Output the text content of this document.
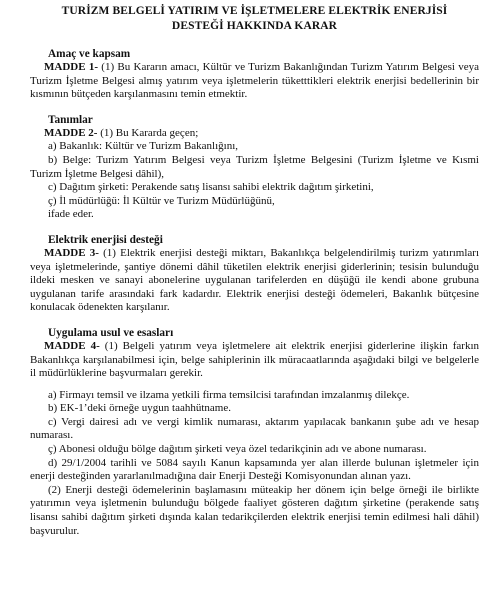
TURİZM BELGELİ YATIRIM VE İŞLETMELERE ELEKTRİK ENERJİSİ
DESTEĞİ HAKKINDA KARAR
Amaç ve kapsam

MADDE 1- (1) Bu Kararın amacı, Kültür ve Turizm Bakanlığından Turizm Yatırım Belgesi veya Turizm İşletme Belgesi almış yatırım veya işletmelerin tüketttikleri elektrik enerjisi bedellerinin bir kısmının bütçeden karşılanmasını temin etmektir.

Tanımlar

MADDE 2- (1) Bu Kararda geçen;

a) Bakanlık: Kültür ve Turizm Bakanlığını,
b) Belge: Turizm Yatırım Belgesi veya Turizm İşletme Belgesini (Turizm İşletme ve Kısmi Turizm İşletme Belgesi dâhil),
c) Dağıtım şirketi: Perakende satış lisansı sahibi elektrik dağıtım şirketini,
ç) İl müdürlüğü: İl Kültür ve Turizm Müdürlüğünü,
ifade eder.
Elektrik enerjisi desteği

MADDE 3- (1) Elektrik enerjisi desteği miktarı, Bakanlıkça belgelendirilmiş turizm yatırımları veya işletmelerinde, şantiye dönemi dâhil tüketilen elektrik enerjisi giderlerinin; tesisin bulunduğu ildeki mesken ve sanayi abonelerine uygulanan tarifelerden en düşüğü ile kendi abone grubuna uygulanan tarife arasındaki fark kadardır. Elektrik enerjisi desteği ödemeleri, Bakanlık bütçesine konulacak ödenekten karşılanır.

Uygulama usul ve esasları

MADDE 4- (1) Belgeli yatırım veya işletmelere ait elektrik enerjisi giderlerine ilişkin farkın Bakanlıkça karşılanabilmesi için, belge sahiplerinin ilk müracaatlarında aşağıdaki bilgi ve belgelerle il müdürlüklerine başvurmaları gerekir.

a) Firmayı temsil ve ilzama yetkili firma temsilcisi tarafından imzalanmış dilekçe.
b) EK-1’deki örneğe uygun taahhütname.
c) Vergi dairesi adı ve vergi kimlik numarası, aktarım yapılacak bankanın şube adı ve hesap numarası.
ç) Abonesi olduğu bölge dağıtım şirketi veya özel tedarikçinin adı ve abone numarası.
d) 29/1/2004 tarihli ve 5084 sayılı Kanun kapsamında yer alan illerde bulunan işletmeler için enerji desteğinden yararlanılmadığına dair Enerji Desteği Komisyonundan alınan yazı.

(2) Enerji desteği ödemelerinin başlamasını müteakip her dönem için belge örneği ile birlikte yatırımın veya işletmenin bulunduğu bölgede faaliyet gösteren dağıtım şirketine (perakende satış lisansı sahibi dağıtım şirketi dışında kalan tedarikçilerden elektrik enerjisi temin edilmesi hali dâhil) başvurulur.
